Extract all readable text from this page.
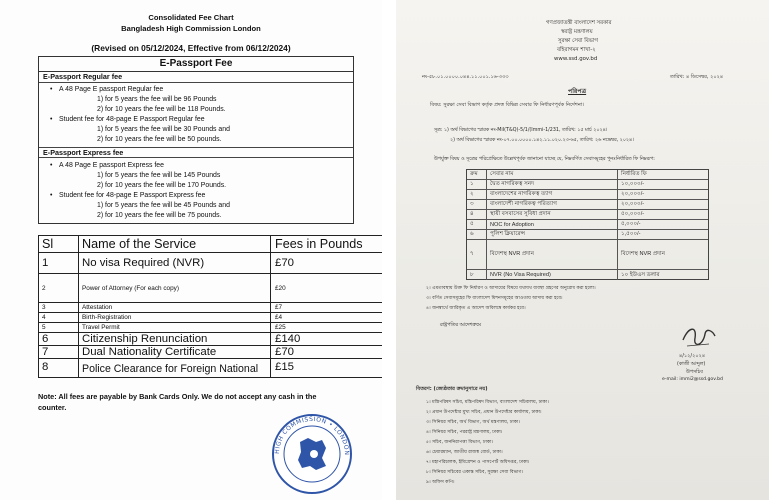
Consolidated Fee Chart
Bangladesh High Commission London
(Revised on 05/12/2024, Effective from 06/12/2024)
E-Passport Fee
E-Passport Regular fee
• A 48 Page E passport Regular fee
1) for 5 years the fee will be 96 Pounds
2) for 10 years the fee will be 118 Pounds.
• Student fee for 48-page E Passport Regular fee
1) for 5 years the fee will be 30 Pounds and
2) for 10 years the fee will be 50 pounds.
E-Passport Express fee
• A 48 Page E passport Express fee
1) for 5 years the fee will be 145 Pounds
2) for 10 years the fee will be 170 Pounds.
• Student fee for 48-page E Passport Express fee
1) for 5 years the fee will be 45 Pounds and
2) for 10 years the fee will be 75 pounds.
Sl	Name of the Service	Fees in Pounds
1	No visa Required (NVR)	£70
2	Power of Attorney (For each copy)	£20
3	Attestation	£7
4	Birth-Registration	£4
5	Travel Permit	£25
6	Citizenship Renunciation	£140
7	Dual Nationality Certificate	£70
8	Police Clearance for Foreign National	£15
Note: All fees are payable by Bank Cards Only. We do not accept any cash in the
counter.
HIGH COMMISSION • LONDON
গণপ্রজাতন্ত্রী বাংলাদেশ সরকার
স্বরাষ্ট্র মন্ত্রণালয়
সুরক্ষা সেবা বিভাগ
বহিরাগমন শাখা-২
www.ssd.gov.bd
নং-৫৮.০১.০০০০.০৪৪.১১.০০১.১৬-৩৩৩	তারিখ: ৪ ডিসেম্বর, ২০২৪
পরিপত্র
বিষয়: সুরক্ষা সেবা বিভাগ কর্তৃক প্রদত্ত বিভিন্ন সেবার ফি নির্ধারণপূর্বক নির্দেশনা।
সূত্র: ১) অর্থ বিভাগের স্মারক নং-MiI(T&Q)-5/1/(Immi-1/231, তারিখ: ১৫ মার্চ ২০২৪।
২) অর্থ বিভাগের স্মারক নং-০৭.০০.০০০০.১৪২.১১.০২০.২৩-৬৫, তারিখ: ২৬ নভেম্বর, ২০২৪।
উপর্যুক্ত বিষয় ও সূত্রের পরিপ্রেক্ষিতে উল্লেখপূর্বক জানানো যাচ্ছে যে, নিম্নবর্ণিত সেবাসমূহের পুনঃনির্ধারিত ফি নিম্নরূপ:
ক্রম	সেবার নাম	নির্ধারিত ফি
১	দ্বৈত নাগরিকত্ব সনদ	১০,০০০/-
২	বাংলাদেশের নাগরিকত্ব ত্যাগ	২০,০০০/-
৩	বাংলাদেশী নাগরিকত্ব পরিত্যাগ	২০,০০০/-
৪	স্থায়ী বসবাসের সুবিধা প্রদান	৫০,০০০/-
৫	NOC for Adoption	৫,০০০/-
৬	পুলিশ ক্লিয়ারেন্স	১,৫০০/-
৭	বিদেশস্থ NVR প্রদান	বিদেশস্থ NVR প্রদান
৮	NVR (No Visa Required)	১০ ইউএস ডলার
২। এমতাবস্থায় উক্ত ফি নির্ধারণ ও আদায়ের বিষয়ে যথাযথ ব্যবস্থা গ্রহণের অনুরোধ করা হলো।
৩। বর্ণিত সেবাসমূহের ফি বাংলাদেশ মিশনসমূহের আওতায় আদায় করা হবে।
৪। জনস্বার্থে জারিকৃত এ আদেশ অবিলম্বে কার্যকর হবে।
রাষ্ট্রপতির আদেশক্রমে
৪/১২/২০২৪
(কাজী আব্দুল)
উপসচিব
e-mail: immi2@ssd.gov.bd
বিতরণ: (জ্যেষ্ঠতার ক্রমানুসারে নয়)
১। মন্ত্রিপরিষদ সচিব, মন্ত্রিপরিষদ বিভাগ, বাংলাদেশ সচিবালয়, ঢাকা।
২। প্রধান উপদেষ্টার মুখ্য সচিব, প্রধান উপদেষ্টার কার্যালয়, ঢাকা।
৩। সিনিয়র সচিব, অর্থ বিভাগ, অর্থ মন্ত্রণালয়, ঢাকা।
৪। সিনিয়র সচিব, পররাষ্ট্র মন্ত্রণালয়, ঢাকা।
৫। সচিব, জননিরাপত্তা বিভাগ, ঢাকা।
৬। চেয়ারম্যান, জাতীয় রাজস্ব বোর্ড, ঢাকা।
৭। মহাপরিচালক, ইমিগ্রেশন ও পাসপোর্ট অধিদপ্তর, ঢাকা।
৮। সিনিয়র সচিবের একান্ত সচিব, সুরক্ষা সেবা বিভাগ।
৯। অফিস কপি।
